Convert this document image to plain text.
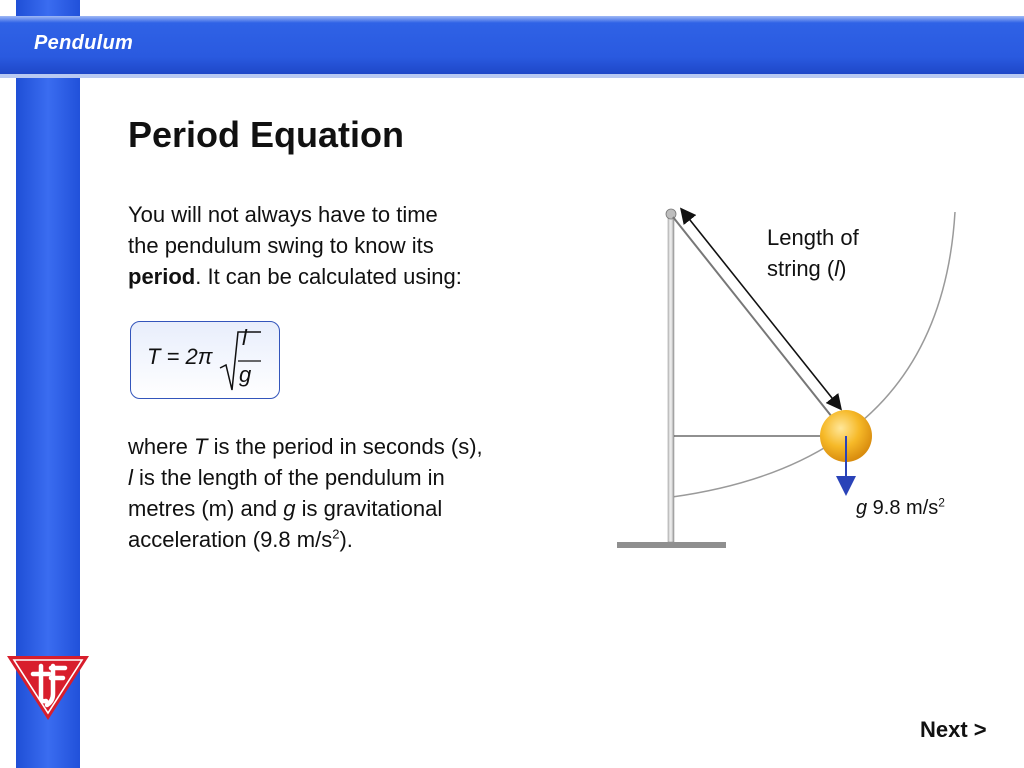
Pendulum
Period Equation

You will not always have to time
the pendulum swing to know its
period. It can be calculated using:

T = 2π
l
g

where T is the period in seconds (s),
l is the length of the pendulum in
metres (m) and g is gravitational
acceleration (9.8 $m/s^2$).

Length of
string (l)
g 9.8 $m/s^2$
Next >
